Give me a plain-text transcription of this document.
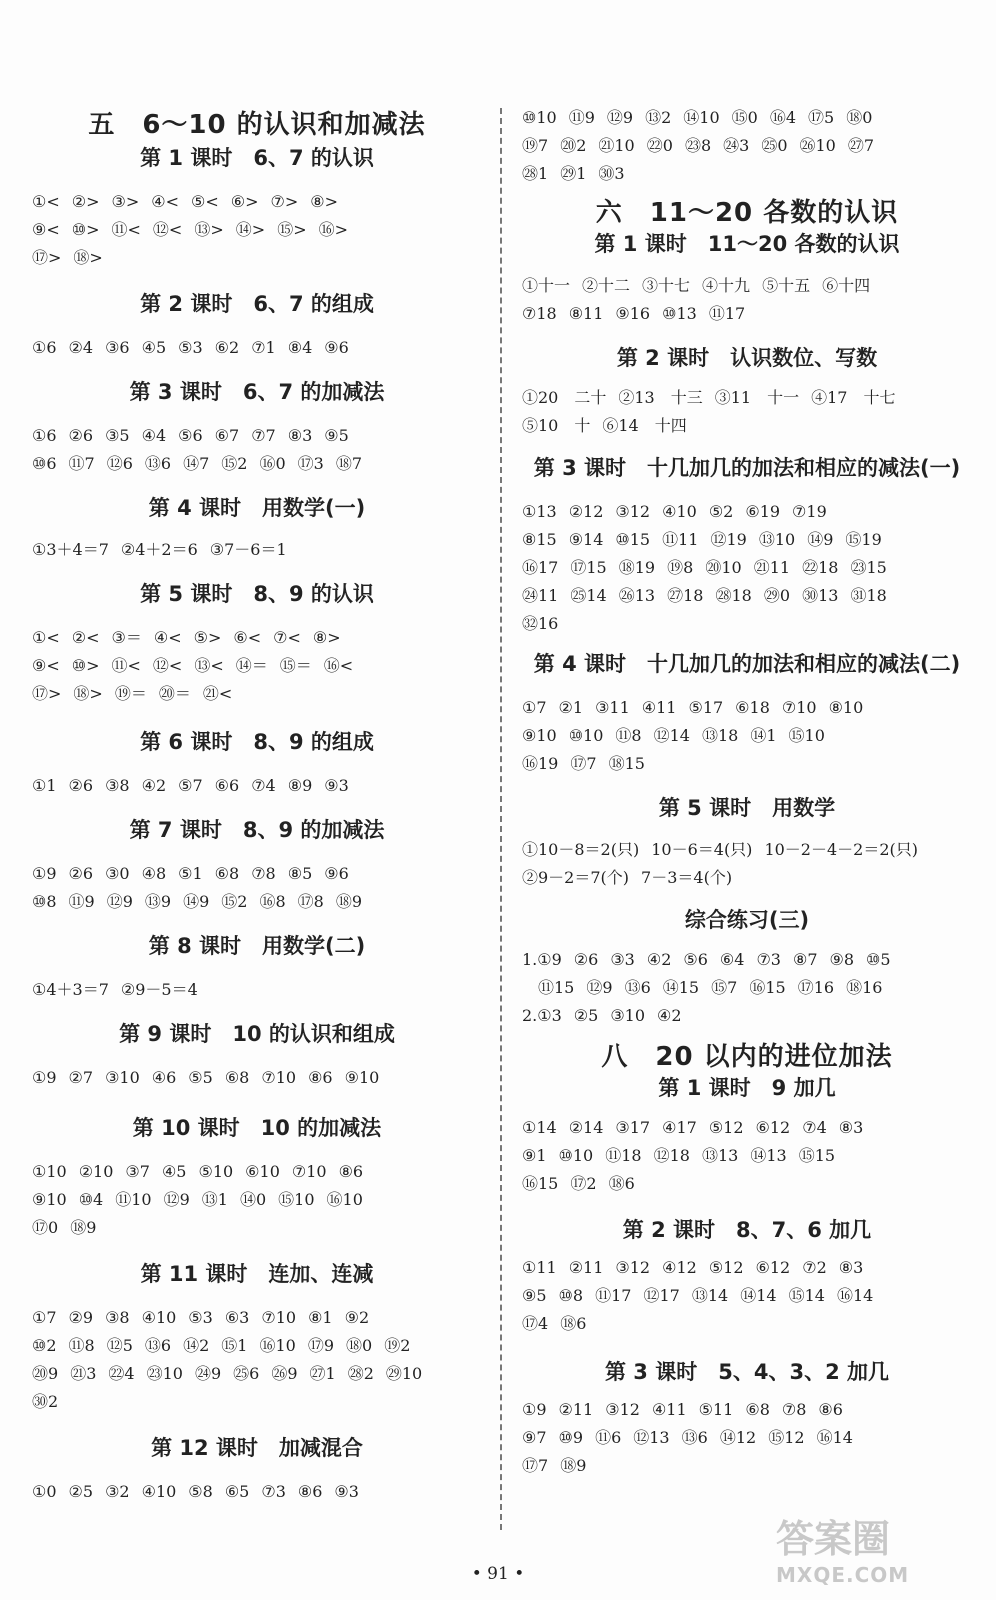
五　6～10 的认识和加减法
第 1 课时　6、7 的认识
①< ②> ③> ④< ⑤< ⑥> ⑦> ⑧>
⑨< ⑩> ⑪< ⑫< ⑬> ⑭> ⑮> ⑯>
⑰> ⑱>
第 2 课时　6、7 的组成
①6 ②4 ③6 ④5 ⑤3 ⑥2 ⑦1 ⑧4 ⑨6
第 3 课时　6、7 的加减法
①6 ②6 ③5 ④4 ⑤6 ⑥7 ⑦7 ⑧3 ⑨5
⑩6 ⑪7 ⑫6 ⑬6 ⑭7 ⑮2 ⑯0 ⑰3 ⑱7
第 4 课时　用数学(一)
①3＋4＝7 ②4＋2＝6 ③7－6＝1
第 5 课时　8、9 的认识
①< ②< ③＝ ④< ⑤> ⑥< ⑦< ⑧>
⑨< ⑩> ⑪< ⑫< ⑬< ⑭＝ ⑮＝ ⑯<
⑰> ⑱> ⑲＝ ⑳＝ ㉑<
第 6 课时　8、9 的组成
①1 ②6 ③8 ④2 ⑤7 ⑥6 ⑦4 ⑧9 ⑨3
第 7 课时　8、9 的加减法
①9 ②6 ③0 ④8 ⑤1 ⑥8 ⑦8 ⑧5 ⑨6
⑩8 ⑪9 ⑫9 ⑬9 ⑭9 ⑮2 ⑯8 ⑰8 ⑱9
第 8 课时　用数学(二)
①4＋3＝7 ②9－5＝4
第 9 课时　10 的认识和组成
①9 ②7 ③10 ④6 ⑤5 ⑥8 ⑦10 ⑧6 ⑨10
第 10 课时　10 的加减法
①10 ②10 ③7 ④5 ⑤10 ⑥10 ⑦10 ⑧6
⑨10 ⑩4 ⑪10 ⑫9 ⑬1 ⑭0 ⑮10 ⑯10
⑰0 ⑱9
第 11 课时　连加、连减
①7 ②9 ③8 ④10 ⑤3 ⑥3 ⑦10 ⑧1 ⑨2
⑩2 ⑪8 ⑫5 ⑬6 ⑭2 ⑮1 ⑯10 ⑰9 ⑱0 ⑲2
⑳9 ㉑3 ㉒4 ㉓10 ㉔9 ㉕6 ㉖9 ㉗1 ㉘2 ㉙10
㉚2
第 12 课时　加减混合
①0 ②5 ③2 ④10 ⑤8 ⑥5 ⑦3 ⑧6 ⑨3
⑩10 ⑪9 ⑫9 ⑬2 ⑭10 ⑮0 ⑯4 ⑰5 ⑱0
⑲7 ⑳2 ㉑10 ㉒0 ㉓8 ㉔3 ㉕0 ㉖10 ㉗7
㉘1 ㉙1 ㉚3
六　11～20 各数的认识
第 1 课时　11～20 各数的认识
①十一 ②十二 ③十七 ④十九 ⑤十五 ⑥十四
⑦18 ⑧11 ⑨16 ⑩13 ⑪17
第 2 课时　认识数位、写数
①20　二十 ②13　十三 ③11　十一 ④17　十七
⑤10　十 ⑥14　十四
第 3 课时　十几加几的加法和相应的减法(一)
①13 ②12 ③12 ④10 ⑤2 ⑥19 ⑦19
⑧15 ⑨14 ⑩15 ⑪11 ⑫19 ⑬10 ⑭9 ⑮19
⑯17 ⑰15 ⑱19 ⑲8 ⑳10 ㉑11 ㉒18 ㉓15
㉔11 ㉕14 ㉖13 ㉗18 ㉘18 ㉙0 ㉚13 ㉛18
㉜16
第 4 课时　十几加几的加法和相应的减法(二)
①7 ②1 ③11 ④11 ⑤17 ⑥18 ⑦10 ⑧10
⑨10 ⑩10 ⑪8 ⑫14 ⑬18 ⑭1 ⑮10
⑯19 ⑰7 ⑱15
第 5 课时　用数学
①10－8＝2(只) 10－6＝4(只) 10－2－4－2＝2(只)
②9－2＝7(个) 7－3＝4(个)
综合练习(三)
1.①9 ②6 ③3 ④2 ⑤6 ⑥4 ⑦3 ⑧7 ⑨8 ⑩5
　⑪15 ⑫9 ⑬6 ⑭15 ⑮7 ⑯15 ⑰16 ⑱16
2.①3 ②5 ③10 ④2
八　20 以内的进位加法
第 1 课时　9 加几
①14 ②14 ③17 ④17 ⑤12 ⑥12 ⑦4 ⑧3
⑨1 ⑩10 ⑪18 ⑫18 ⑬13 ⑭13 ⑮15
⑯15 ⑰2 ⑱6
第 2 课时　8、7、6 加几
①11 ②11 ③12 ④12 ⑤12 ⑥12 ⑦2 ⑧3
⑨5 ⑩8 ⑪17 ⑫17 ⑬14 ⑭14 ⑮14 ⑯14
⑰4 ⑱6
第 3 课时　5、4、3、2 加几
①9 ②11 ③12 ④11 ⑤11 ⑥8 ⑦8 ⑧6
⑨7 ⑩9 ⑪6 ⑫13 ⑬6 ⑭12 ⑮12 ⑯14
⑰7 ⑱9
• 91 •
答案圈
MXQE.COM
